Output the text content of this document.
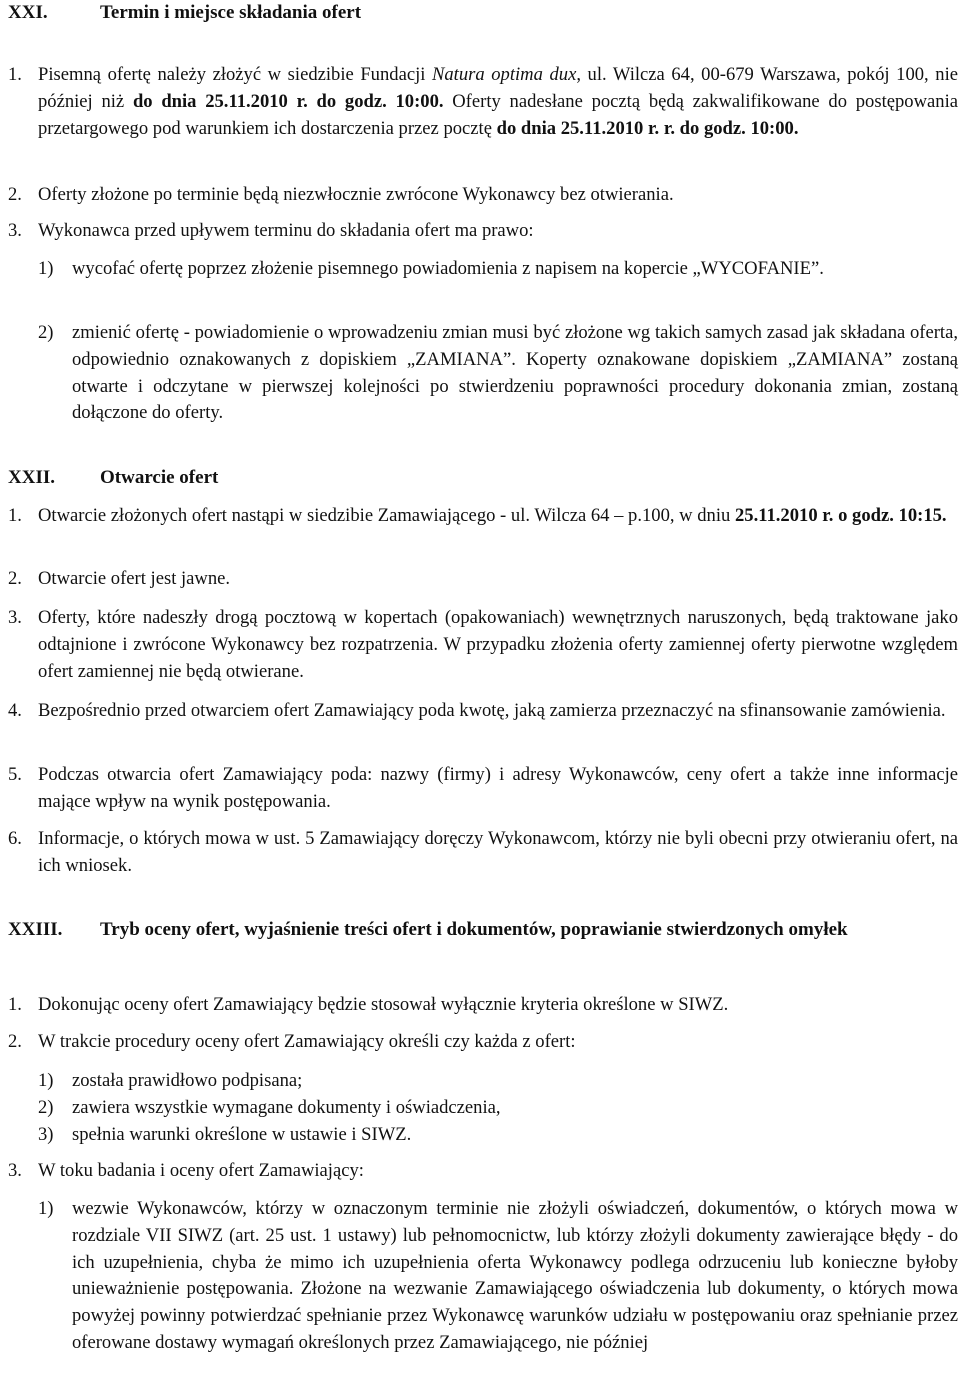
XXI.	Termin i miejsce składania ofert
1. Pisemną ofertę należy złożyć w siedzibie Fundacji Natura optima dux, ul. Wilcza 64, 00-679 Warszawa, pokój 100, nie później niż do dnia 25.11.2010 r. do godz. 10:00. Oferty nadesłane pocztą będą zakwalifikowane do postępowania przetargowego pod warunkiem ich dostarczenia przez pocztę do dnia 25.11.2010 r. r. do godz. 10:00.
2. Oferty złożone po terminie będą niezwłocznie zwrócone Wykonawcy bez otwierania.
3. Wykonawca przed upływem terminu do składania ofert ma prawo:
1) wycofać ofertę poprzez złożenie pisemnego powiadomienia z napisem na kopercie „WYCOFANIE”.
2) zmienić ofertę - powiadomienie o wprowadzeniu zmian musi być złożone wg takich samych zasad jak składana oferta, odpowiednio oznakowanych z dopiskiem „ZAMIANA”. Koperty oznakowane dopiskiem „ZAMIANA” zostaną otwarte i odczytane w pierwszej kolejności po stwierdzeniu poprawności procedury dokonania zmian, zostaną dołączone do oferty.
XXII. Otwarcie ofert
1. Otwarcie złożonych ofert nastąpi w siedzibie Zamawiającego - ul. Wilcza 64 – p.100, w dniu 25.11.2010 r. o godz. 10:15.
2. Otwarcie ofert jest jawne.
3. Oferty, które nadeszły drogą pocztową w kopertach (opakowaniach) wewnętrznych naruszonych, będą traktowane jako odtajnione i zwrócone Wykonawcy bez rozpatrzenia. W przypadku złożenia oferty zamiennej oferty pierwotne względem ofert zamiennej nie będą otwierane.
4. Bezpośrednio przed otwarciem ofert Zamawiający poda kwotę, jaką zamierza przeznaczyć na sfinansowanie zamówienia.
5. Podczas otwarcia ofert Zamawiający poda: nazwy (firmy) i adresy Wykonawców, ceny ofert a także inne informacje mające wpływ na wynik postępowania.
6. Informacje, o których mowa w ust. 5 Zamawiający doręczy Wykonawcom, którzy nie byli obecni przy otwieraniu ofert, na ich wniosek.
XXIII. Tryb oceny ofert, wyjaśnienie treści ofert i dokumentów, poprawianie stwierdzonych omyłek
1. Dokonując oceny ofert Zamawiający będzie stosował wyłącznie kryteria określone w SIWZ.
2. W trakcie procedury oceny ofert Zamawiający określi czy każda z ofert:
1) została prawidłowo podpisana;
2) zawiera wszystkie wymagane dokumenty i oświadczenia,
3) spełnia warunki określone w ustawie i SIWZ.
3. W toku badania i oceny ofert Zamawiający:
1) wezwie Wykonawców, którzy w oznaczonym terminie nie złożyli oświadczeń, dokumentów, o których mowa w rozdziale VII SIWZ (art. 25 ust. 1 ustawy) lub pełnomocnictw, lub którzy złożyli dokumenty zawierające błędy - do ich uzupełnienia, chyba że mimo ich uzupełnienia oferta Wykonawcy podlega odrzuceniu lub konieczne byłoby unieważnienie postępowania. Złożone na wezwanie Zamawiającego oświadczenia lub dokumenty, o których mowa powyżej powinny potwierdzać spełnianie przez Wykonawcę warunków udziału w postępowaniu oraz spełnianie przez oferowane dostawy wymagań określonych przez Zamawiającego, nie później
